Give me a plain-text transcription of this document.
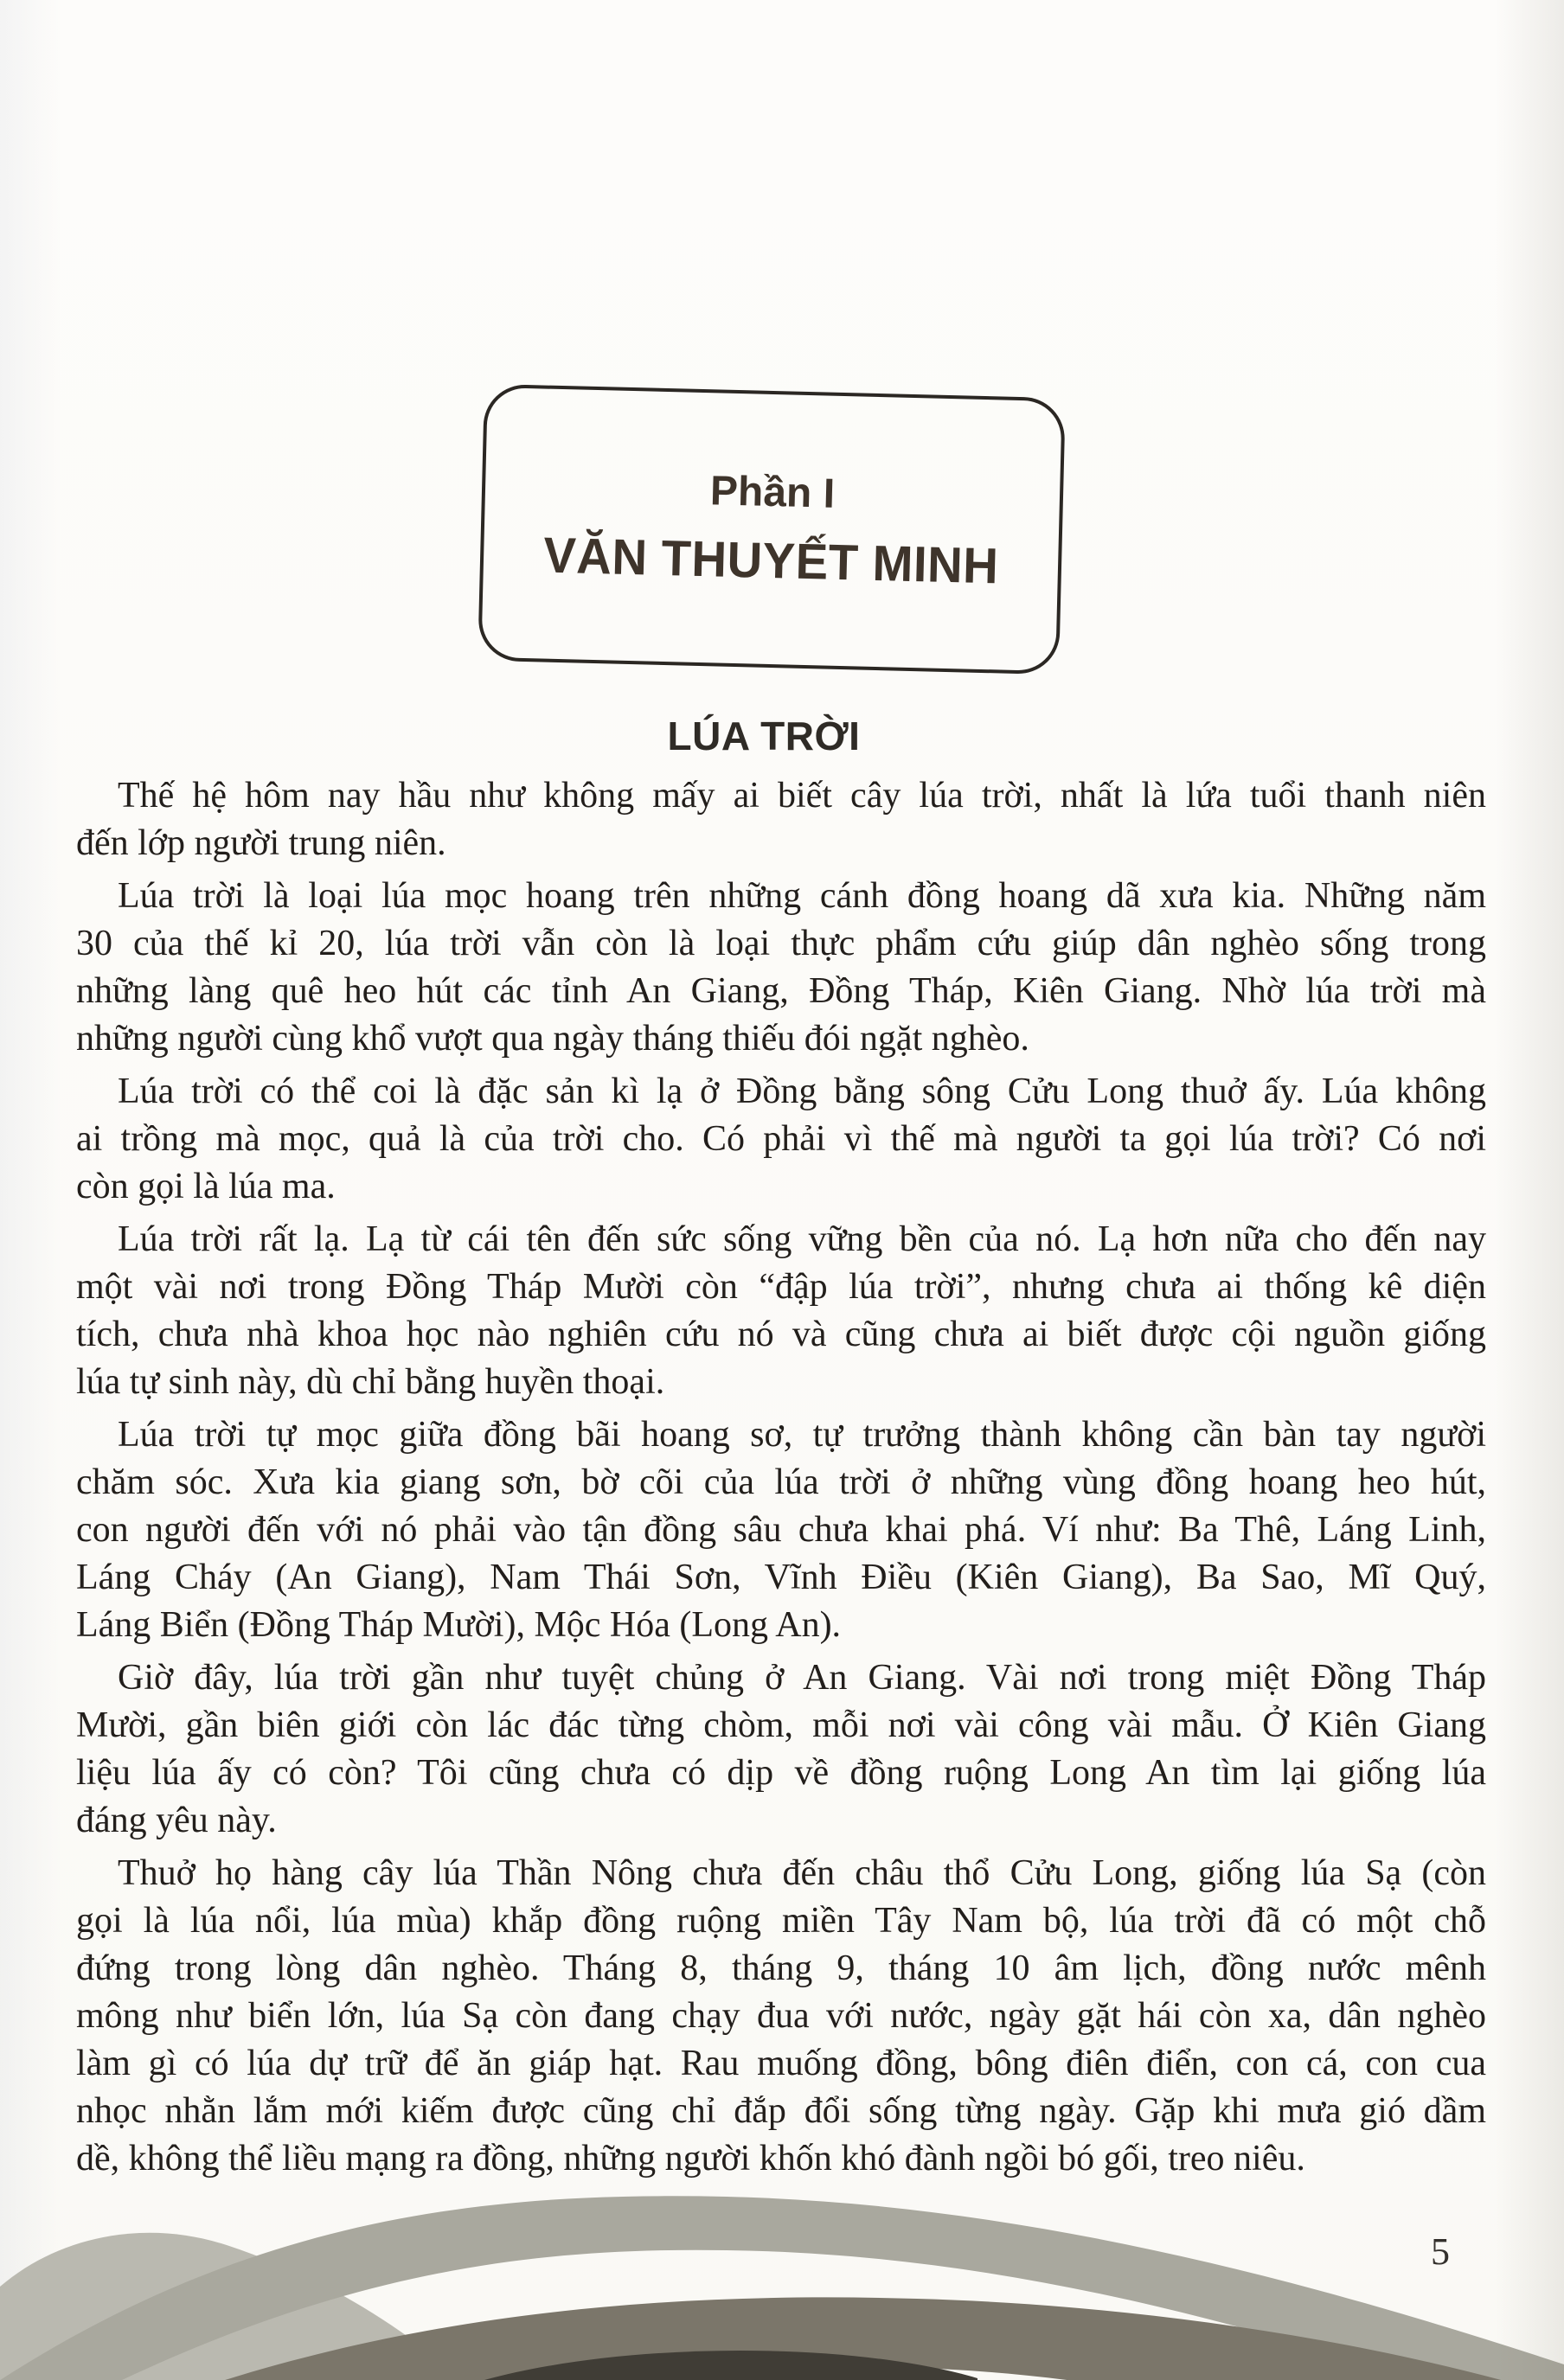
Phần I
VĂN THUYẾT MINH
LÚA TRỜI
Thế hệ hôm nay hầu như không mấy ai biết cây lúa trời, nhất là lứa tuổi thanh niên
đến lớp người trung niên.
Lúa trời là loại lúa mọc hoang trên những cánh đồng hoang dã xưa kia. Những năm
30 của thế kỉ 20, lúa trời vẫn còn là loại thực phẩm cứu giúp dân nghèo sống trong
những làng quê heo hút các tỉnh An Giang, Đồng Tháp, Kiên Giang. Nhờ lúa trời mà
những người cùng khổ vượt qua ngày tháng thiếu đói ngặt nghèo.
Lúa trời có thể coi là đặc sản kì lạ ở Đồng bằng sông Cửu Long thuở ấy. Lúa không
ai trồng mà mọc, quả là của trời cho. Có phải vì thế mà người ta gọi lúa trời? Có nơi
còn gọi là lúa ma.
Lúa trời rất lạ. Lạ từ cái tên đến sức sống vững bền của nó. Lạ hơn nữa cho đến nay
một vài nơi trong Đồng Tháp Mười còn “đập lúa trời”, nhưng chưa ai thống kê diện
tích, chưa nhà khoa học nào nghiên cứu nó và cũng chưa ai biết được cội nguồn giống
lúa tự sinh này, dù chỉ bằng huyền thoại.
Lúa trời tự mọc giữa đồng bãi hoang sơ, tự trưởng thành không cần bàn tay người
chăm sóc. Xưa kia giang sơn, bờ cõi của lúa trời ở những vùng đồng hoang heo hút,
con người đến với nó phải vào tận đồng sâu chưa khai phá. Ví như: Ba Thê, Láng Linh,
Láng Cháy (An Giang), Nam Thái Sơn, Vĩnh Điều (Kiên Giang), Ba Sao, Mĩ Quý,
Láng Biển (Đồng Tháp Mười), Mộc Hóa (Long An).
Giờ đây, lúa trời gần như tuyệt chủng ở An Giang. Vài nơi trong miệt Đồng Tháp
Mười, gần biên giới còn lác đác từng chòm, mỗi nơi vài công vài mẫu. Ở Kiên Giang
liệu lúa ấy có còn? Tôi cũng chưa có dịp về đồng ruộng Long An tìm lại giống lúa
đáng yêu này.
Thuở họ hàng cây lúa Thần Nông chưa đến châu thổ Cửu Long, giống lúa Sạ (còn
gọi là lúa nổi, lúa mùa) khắp đồng ruộng miền Tây Nam bộ, lúa trời đã có một chỗ
đứng trong lòng dân nghèo. Tháng 8, tháng 9, tháng 10 âm lịch, đồng nước mênh
mông như biển lớn, lúa Sạ còn đang chạy đua với nước, ngày gặt hái còn xa, dân nghèo
làm gì có lúa dự trữ để ăn giáp hạt. Rau muống đồng, bông điên điển, con cá, con cua
nhọc nhằn lắm mới kiếm được cũng chỉ đắp đổi sống từng ngày. Gặp khi mưa gió dầm
dề, không thể liều mạng ra đồng, những người khốn khó đành ngồi bó gối, treo niêu.
5
